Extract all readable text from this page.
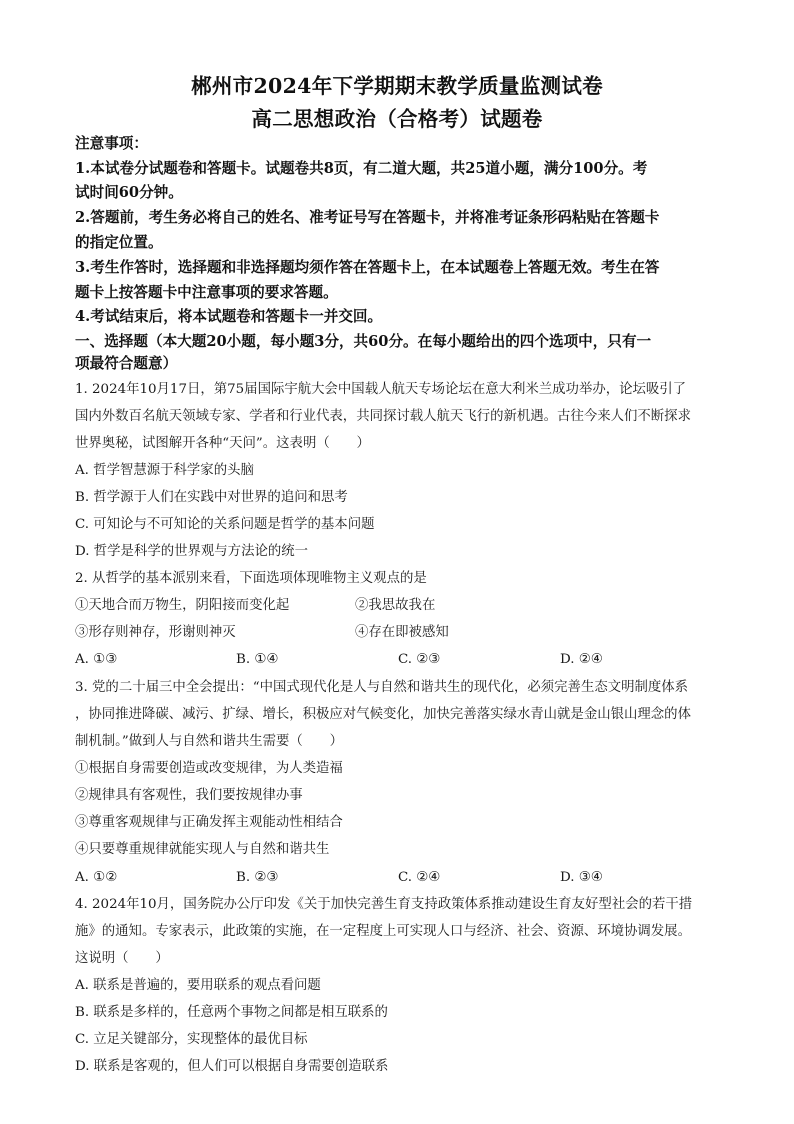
郴州市2024年下学期期末教学质量监测试卷
高二思想政治（合格考）试题卷
注意事项：
1.本试卷分试题卷和答题卡。试题卷共8页，有二道大题，共25道小题，满分100分。考
试时间60分钟。
2.答题前，考生务必将自己的姓名、准考证号写在答题卡，并将准考证条形码粘贴在答题卡
的指定位置。
3.考生作答时，选择题和非选择题均须作答在答题卡上，在本试题卷上答题无效。考生在答
题卡上按答题卡中注意事项的要求答题。
4.考试结束后，将本试题卷和答题卡一并交回。
一、选择题（本大题20小题，每小题3分，共60分。在每小题给出的四个选项中，只有一
项最符合题意）
1. 2024年10月17日，第75届国际宇航大会中国载人航天专场论坛在意大利米兰成功举办，论坛吸引了
国内外数百名航天领域专家、学者和行业代表，共同探讨载人航天飞行的新机遇。古往今来人们不断探求
世界奥秘，试图解开各种“天问”。这表明（　　）
A. 哲学智慧源于科学家的头脑
B. 哲学源于人们在实践中对世界的追问和思考
C. 可知论与不可知论的关系问题是哲学的基本问题
D. 哲学是科学的世界观与方法论的统一
2. 从哲学的基本派别来看，下面选项体现唯物主义观点的是
①天地合而万物生，阴阳接而变化起	②我思故我在
③形存则神存，形谢则神灭	④存在即被感知
A. ①③	B. ①④	C. ②③	D. ②④
3. 党的二十届三中全会提出：“中国式现代化是人与自然和谐共生的现代化，必须完善生态文明制度体系
，协同推进降碳、减污、扩绿、增长，积极应对气候变化，加快完善落实绿水青山就是金山银山理念的体
制机制。”做到人与自然和谐共生需要（　　）
①根据自身需要创造或改变规律，为人类造福
②规律具有客观性，我们要按规律办事
③尊重客观规律与正确发挥主观能动性相结合
④只要尊重规律就能实现人与自然和谐共生
A. ①②	B. ②③	C. ②④	D. ③④
4. 2024年10月，国务院办公厅印发《关于加快完善生育支持政策体系推动建设生育友好型社会的若干措
施》的通知。专家表示，此政策的实施，在一定程度上可实现人口与经济、社会、资源、环境协调发展。
这说明（　　）
A. 联系是普遍的，要用联系的观点看问题
B. 联系是多样的，任意两个事物之间都是相互联系的
C. 立足关键部分，实现整体的最优目标
D. 联系是客观的，但人们可以根据自身需要创造联系
